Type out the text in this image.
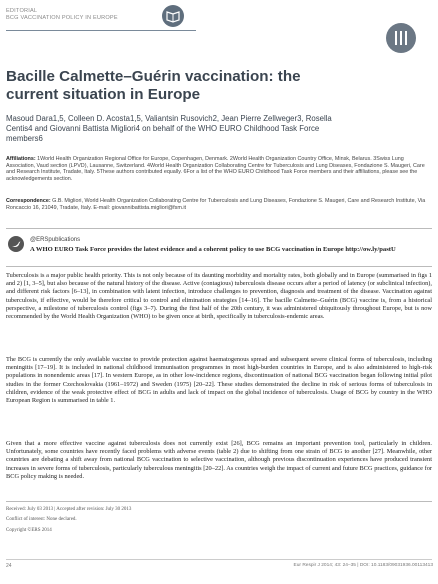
EDITORIAL
BCG VACCINATION POLICY IN EUROPE
Bacille Calmette–Guérin vaccination: the current situation in Europe
Masoud Dara1,5, Colleen D. Acosta1,5, Valiantsin Rusovich2, Jean Pierre Zellweger3, Rosella Centis4 and Giovanni Battista Migliori4 on behalf of the WHO EURO Childhood Task Force members6
Affiliations: 1World Health Organization Regional Office for Europe, Copenhagen, Denmark. 2World Health Organization Country Office, Minsk, Belarus. 3Swiss Lung Association, Vaud section (LPVD), Lausanne, Switzerland. 4World Health Organization Collaborating Centre for Tuberculosis and Lung Diseases, Fondazione S. Maugeri, Care and Research Institute, Tradate, Italy. 5These authors contributed equally. 6For a list of the WHO EURO Childhood Task Force members and their affiliations, please see the acknowledgements section.
Correspondence: G.B. Migliori, World Health Organization Collaborating Centre for Tuberculosis and Lung Diseases, Fondazione S. Maugeri, Care and Research Institute, Via Roncaccio 16, 21049, Tradate, Italy. E-mail: giovannibattista.migliori@fsm.it
@ERSpublications
A WHO EURO Task Force provides the latest evidence and a coherent policy to use BCG vaccination in Europe http://ow.ly/pastU
Tuberculosis is a major public health priority. This is not only because of its daunting morbidity and mortality rates, both globally and in Europe (summarised in figs 1 and 2) [1, 3–5], but also because of the natural history of the disease. Active (contagious) tuberculosis disease occurs after a period of latency (or subclinical infection), and different risk factors [6–13], in combination with latent infection, introduce challenges to prevention, diagnosis and treatment of the disease. Vaccination against tuberculosis, if effective, would be therefore critical to control and elimination strategies [14–16]. The bacille Calmette–Guérin (BCG) vaccine is, from a historical perspective, a milestone of tuberculosis control (figs 3–7). During the first half of the 20th century, it was administered ubiquitously throughout Europe, but is now recommended by the World Health Organization (WHO) to be given once at birth, specifically in tuberculosis-endemic areas.
The BCG is currently the only available vaccine to provide protection against haematogenous spread and subsequent severe clinical forms of tuberculosis, including meningitis [17–19]. It is included in national childhood immunisation programmes in most high-burden countries in Europe, and is also administered to high-risk populations in nonendemic areas [17]. In western Europe, as in other low-incidence regions, discontinuation of national BCG vaccination began following initial pilot studies in the former Czechoslovakia (1961–1972) and Sweden (1975) [20–22]. These studies demonstrated the decline in risk of serious forms of tuberculosis in children, evidence of the weak protective effect of BCG in adults and lack of impact on the global incidence of tuberculosis. Usage of BCG by country in the WHO European Region is summarised in table 1.
Given that a more effective vaccine against tuberculosis does not currently exist [26], BCG remains an important prevention tool, particularly in children. Unfortunately, some countries have recently faced problems with adverse events (table 2) due to shifting from one strain of BCG to another [27]. Meanwhile, other countries are debating a shift away from national BCG vaccination to selective vaccination, although previous discontinuation experiences have produced transient increases in severe forms of tuberculosis, particularly tuberculous meningitis [20–22]. As countries weigh the impact of current and future BCG practices, guidance for BCG policy making is needed.
Received: July 03 2013 | Accepted after revision: July 30 2013
Conflict of interest: None declared.
Copyright ©ERS 2014
24	Eur Respir J 2014; 43: 24–35 | DOI: 10.1183/09031936.00113413
